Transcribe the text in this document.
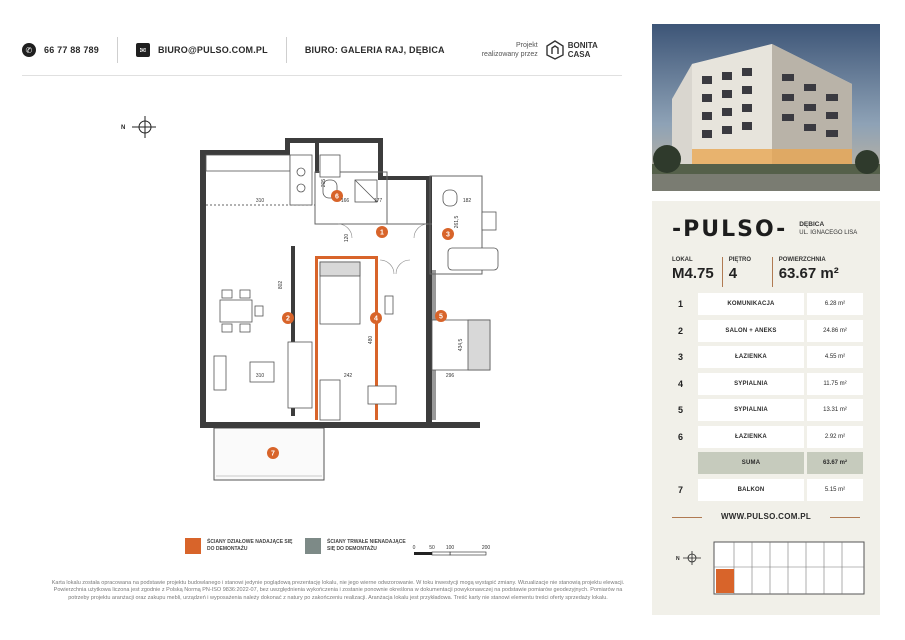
✆	66 77 88 789	✉	BIURO@PULSO.COM.PL	BIURO: GALERIA RAJ, DĘBICA	Projekt
realizowany przez
BONITA
CASA
N
6
1	3
2	4	5
7
310
802
310
166	177
120
242
480
296
434,5
182
261,5
205
ŚCIANY DZIAŁOWE NADAJĄCE SIĘ DO DEMONTAŻU
ŚCIANY TRWAŁE NIENADAJĄCE SIĘ DO DEMONTAŻU	0	50 100	200
Karta lokalu została opracowana na podstawie projektu budowlanego i stanowi jedynie poglądową prezentację lokalu, nie jego wierne odwzorowanie. W toku inwestycji mogą wystąpić zmiany. Wizualizacje nie stanowią projektu elewacji. Powierzchnia użytkowa liczona jest zgodnie z Polską Normą PN-ISO 9836:2022-07, bez uwzględnienia wykończenia i zostanie ponownie określona w dokumentacji powykonawczej na podstawie pomiarów geodezyjnych. Pomiarów na potrzeby projektu aranżacji oraz zakupu mebli, urządzeń i wyposażenia należy dokonać z natury po zakończeniu realizacji. Aranżacja lokalu jest przykładowa. Treść karty nie stanowi elementu treści oferty sprzedaży lokalu.
-PULSO- DĘBICA
UL. IGNACEGO LISA
LOKAL
M4.75
PIĘTRO
4
POWIERZCHNIA
63.67 m²
1	KOMUNIKACJA	6.28 m²
2	SALON + ANEKS	24.86 m²
3	ŁAZIENKA	4.55 m²
4	SYPIALNIA	11.75 m²
5	SYPIALNIA	13.31 m²
6	ŁAZIENKA	2.92 m²
SUMA	63.67 m²
7	BALKON	5.15 m²
WWW.PULSO.COM.PL
N
